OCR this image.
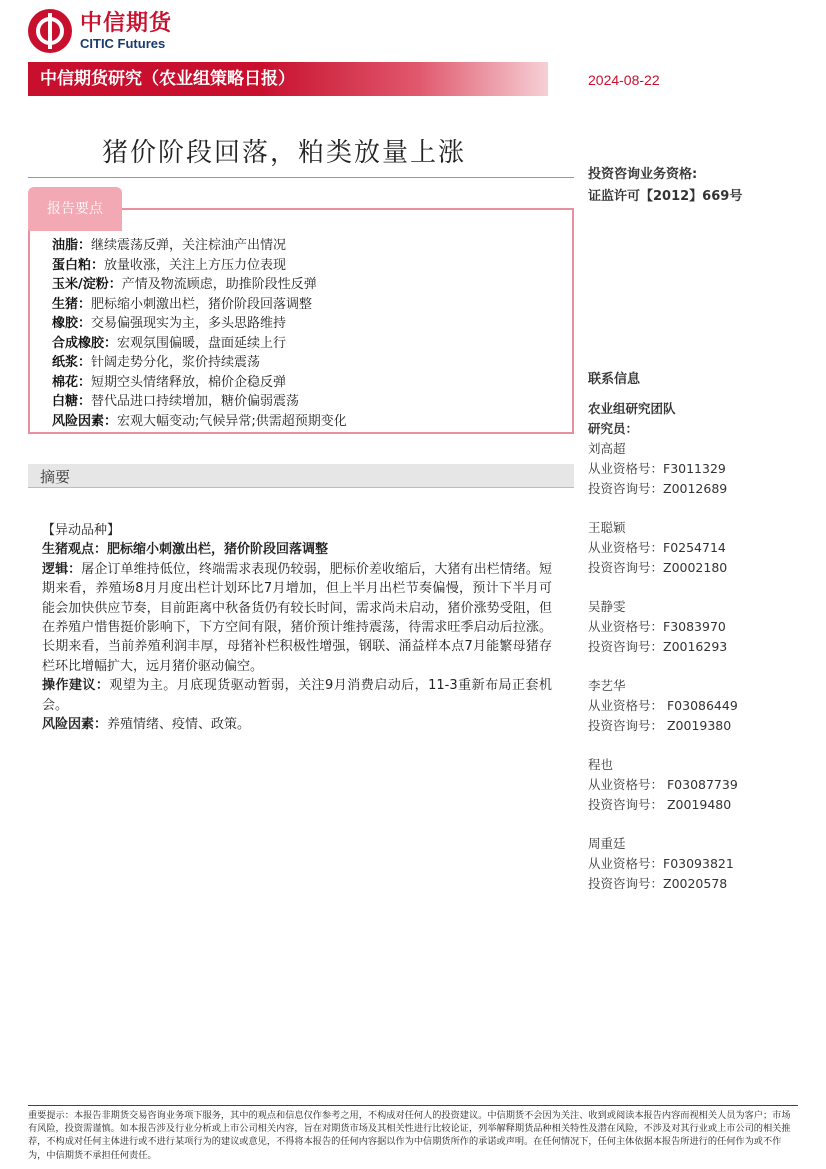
中信期货
CITIC Futures
中信期货研究（农业组策略日报）	2024-08-22
猪价阶段回落，粕类放量上涨
投资咨询业务资格:
证监许可【2012】669号
报告要点
油脂：继续震荡反弹，关注棕油产出情况
蛋白粕：放量收涨，关注上方压力位表现
玉米/淀粉：产情及物流顾虑，助推阶段性反弹
生猪：肥标缩小刺激出栏，猪价阶段回落调整
橡胶：交易偏强现实为主，多头思路维持
合成橡胶：宏观氛围偏暖，盘面延续上行
纸浆：针阔走势分化，浆价持续震荡
棉花：短期空头情绪释放，棉价企稳反弹
白糖：替代品进口持续增加，糖价偏弱震荡
风险因素：宏观大幅变动;气候异常;供需超预期变化
摘要

【异动品种】

生猪观点：肥标缩小刺激出栏，猪价阶段回落调整

逻辑：屠企订单维持低位，终端需求表现仍较弱，肥标价差收缩后，大猪有出栏情绪。短期来看，养殖场8月月度出栏计划环比7月增加，但上半月出栏节奏偏慢，预计下半月可能会加快供应节奏，目前距离中秋备货仍有较长时间，需求尚未启动，猪价涨势受阻，但在养殖户惜售挺价影响下，下方空间有限，猪价预计维持震荡，待需求旺季启动后拉涨。长期来看，当前养殖利润丰厚，母猪补栏积极性增强，钢联、涌益样本点7月能繁母猪存栏环比增幅扩大，远月猪价驱动偏空。

操作建议：观望为主。月底现货驱动暂弱，关注9月消费启动后，11-3重新布局正套机会。

风险因素：养殖情绪、疫情、政策。

联系信息
农业组研究团队
研究员：
刘高超
从业资格号：F3011329
投资咨询号：Z0012689
王聪颖
从业资格号：F0254714
投资咨询号：Z0002180
吴静雯
从业资格号：F3083970
投资咨询号：Z0016293
李艺华
从业资格号： F03086449
投资咨询号： Z0019380
程也
从业资格号： F03087739
投资咨询号： Z0019480
周重廷
从业资格号：F03093821
投资咨询号：Z0020578
重要提示：本报告非期货交易咨询业务项下服务，其中的观点和信息仅作参考之用，不构成对任何人的投资建议。中信期货不会因为关注、收到或阅读本报告内容而视相关人员为客户；市场有风险，投资需谨慎。如本报告涉及行业分析或上市公司相关内容，旨在对期货市场及其相关性进行比较论证，列举解释期货品种相关特性及潜在风险，不涉及对其行业或上市公司的相关推荐，不构成对任何主体进行或不进行某项行为的建议或意见，不得将本报告的任何内容据以作为中信期货所作的承诺或声明。在任何情况下，任何主体依据本报告所进行的任何作为或不作为，中信期货不承担任何责任。
